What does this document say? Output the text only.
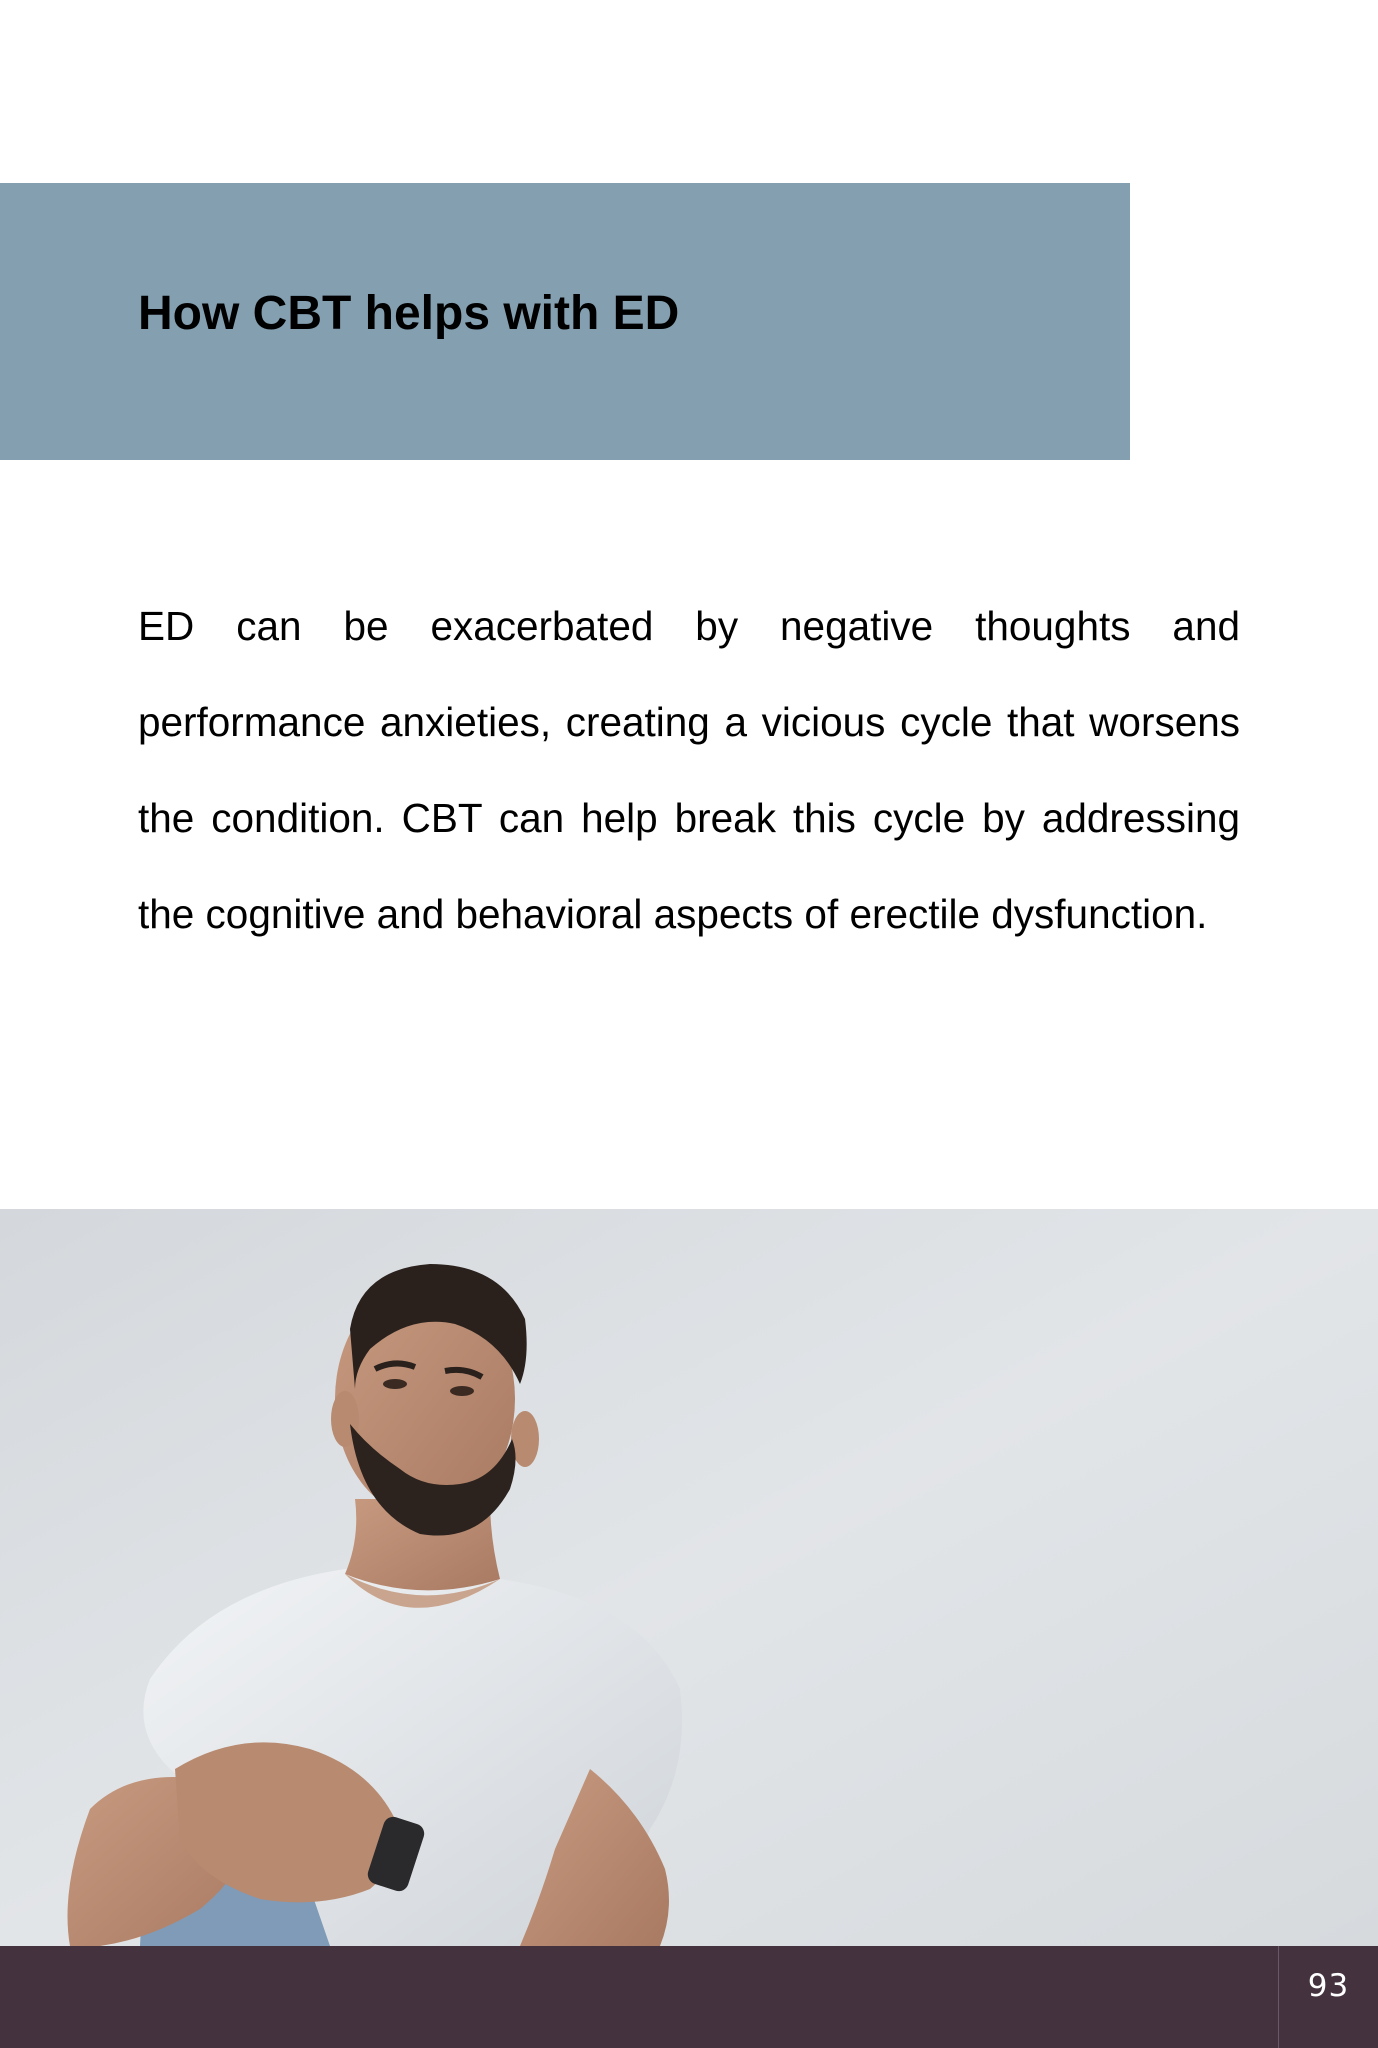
How CBT helps with ED

ED can be exacerbated by negative thoughts and performance anxieties, creating a vicious cycle that worsens the condition. CBT can help break this cycle by addressing the cognitive and behavioral aspects of erectile dysfunction.

93
